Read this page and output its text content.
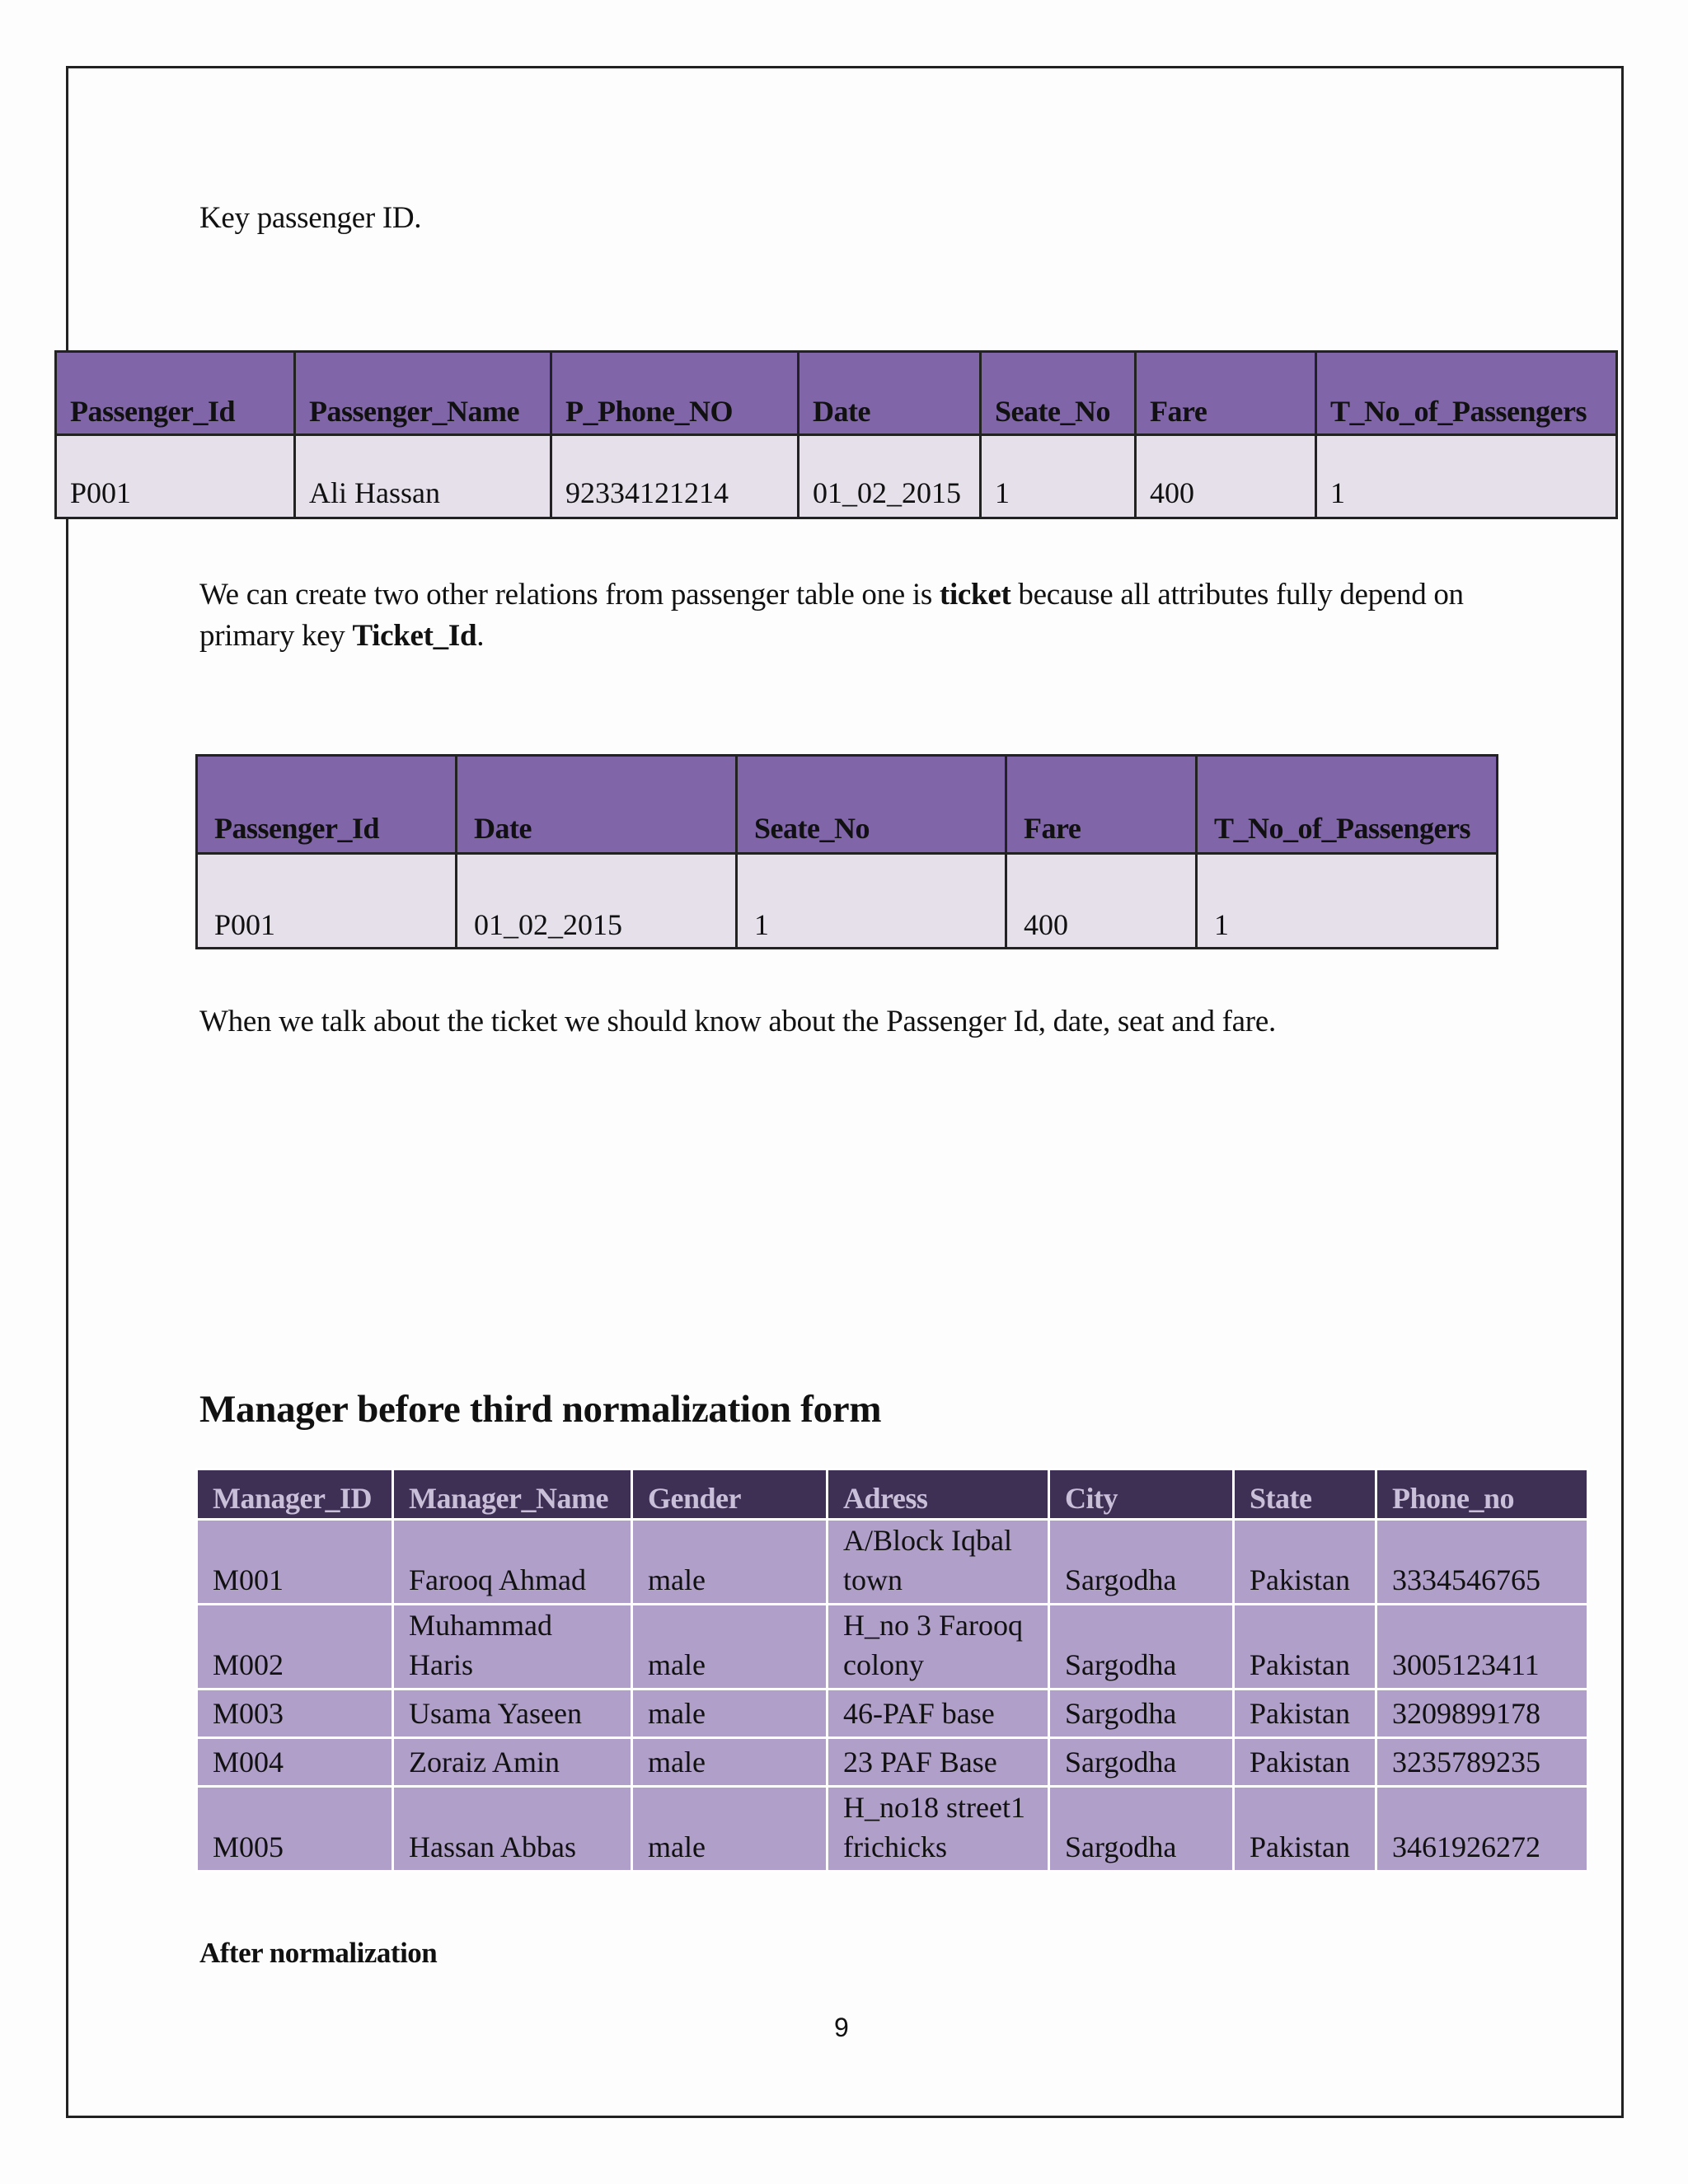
Key passenger ID.
Passenger_Id	Passenger_Name	P_Phone_NO	Date	Seate_No	Fare	T_No_of_Passengers
P001	Ali Hassan	92334121214	01_02_2015	1	400	1
We can create two other relations from passenger table one is ticket because all attributes fully depend on primary key Ticket_Id.
Passenger_Id	Date	Seate_No	Fare	T_No_of_Passengers
P001	01_02_2015	1	400	1
When we talk about the ticket we should know about the Passenger Id, date, seat and fare.
Manager before third normalization form
Manager_ID	Manager_Name	Gender	Adress	City	State	Phone_no
M001	Farooq Ahmad	male	A/Block Iqbal town	Sargodha	Pakistan	3334546765
M002	Muhammad Haris	male	H_no 3 Farooq colony	Sargodha	Pakistan	3005123411
M003	Usama Yaseen	male	46-PAF base	Sargodha	Pakistan	3209899178
M004	Zoraiz Amin	male	23 PAF Base	Sargodha	Pakistan	3235789235
M005	Hassan Abbas	male	H_no18 street1 frichicks	Sargodha	Pakistan	3461926272
After normalization
9
